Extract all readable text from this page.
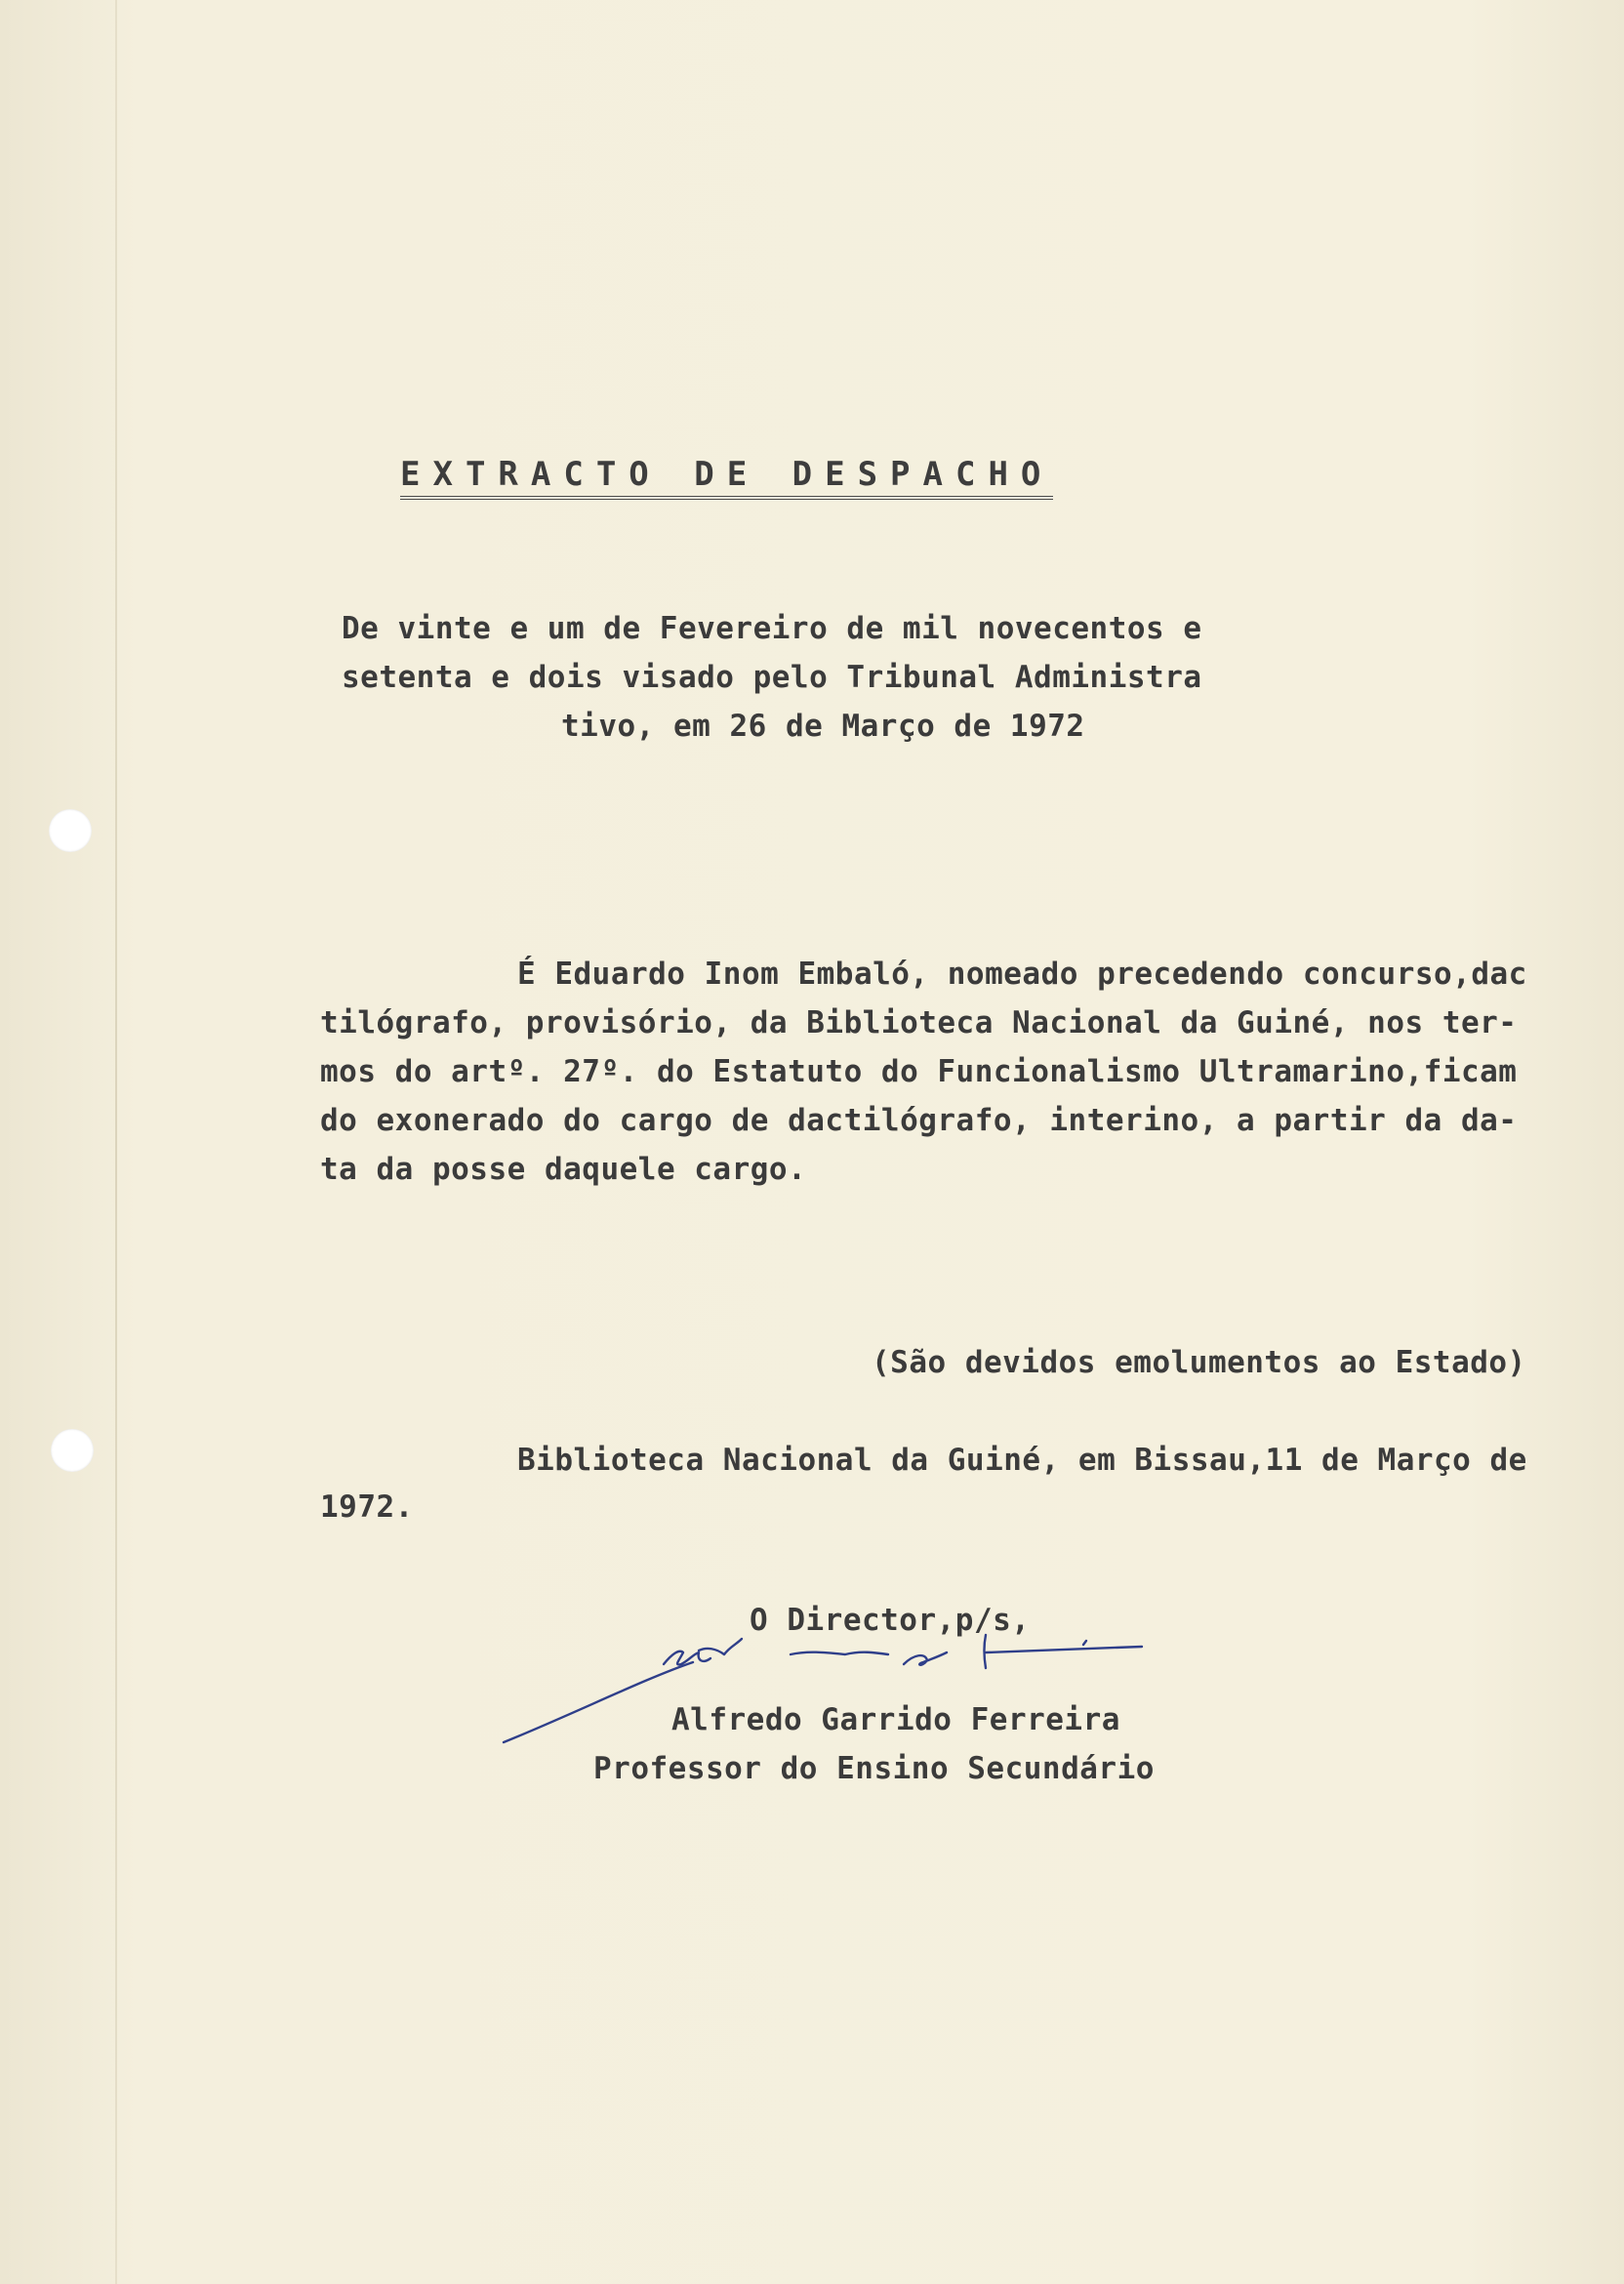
EXTRACTO DE DESPACHO

De vinte e um de Fevereiro de mil novecentos e

setenta e dois visado pelo Tribunal Administra

tivo, em 26 de Março de 1972

É Eduardo Inom Embaló, nomeado precedendo concurso,dac

tilógrafo, provisório, da Biblioteca Nacional da Guiné, nos ter-

mos do artº. 27º. do Estatuto do Funcionalismo Ultramarino,ficam

do exonerado do cargo de dactilógrafo, interino, a partir da da-

ta da posse daquele cargo.

(São devidos emolumentos ao Estado)

Biblioteca Nacional da Guiné, em Bissau,11 de Março de

1972.

O Director,p/s,

Alfredo Garrido Ferreira

Professor do Ensino Secundário
